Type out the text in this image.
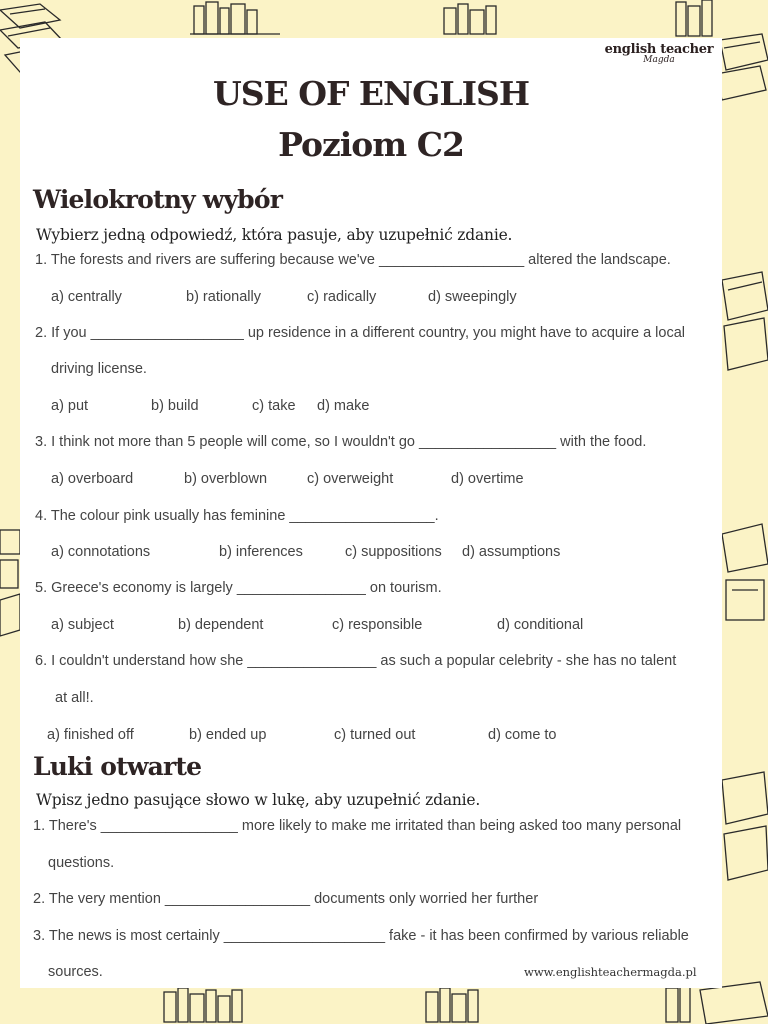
english teacher
Magda
USE OF ENGLISH
Poziom C2
Wielokrotny wybór

Wybierz jedną odpowiedź, która pasuje, aby uzupełnić zdanie.

1. The forests and rivers are suffering because we've __________________ altered the landscape.

a) centrally	b) rationally	c) radically	d) sweepingly

2. If you ___________________ up residence in a different country, you might have to acquire a local

driving license.

a) put	b) build	c) take d) make

3. I think not more than 5 people will come, so I wouldn't go _________________ with the food.

a) overboard	b) overblown	c) overweight	d) overtime

4. The colour pink usually has feminine __________________.

a) connotations	b) inferences	c) suppositions d) assumptions

5. Greece's economy is largely ________________ on tourism.

a) subject	b) dependent	c) responsible	d) conditional

6. I couldn't understand how she ________________ as such a popular celebrity - she has no talent

at all!.

a) finished off	b) ended up	c) turned out	d) come to
Luki otwarte

Wpisz jedno pasujące słowo w lukę, aby uzupełnić zdanie.

1. There's _________________ more likely to make me irritated than being asked too many personal

questions.

2. The very mention __________________ documents only worried her further

3. The news is most certainly ____________________ fake - it has been confirmed by various reliable

sources.	www.englishteachermagda.pl
